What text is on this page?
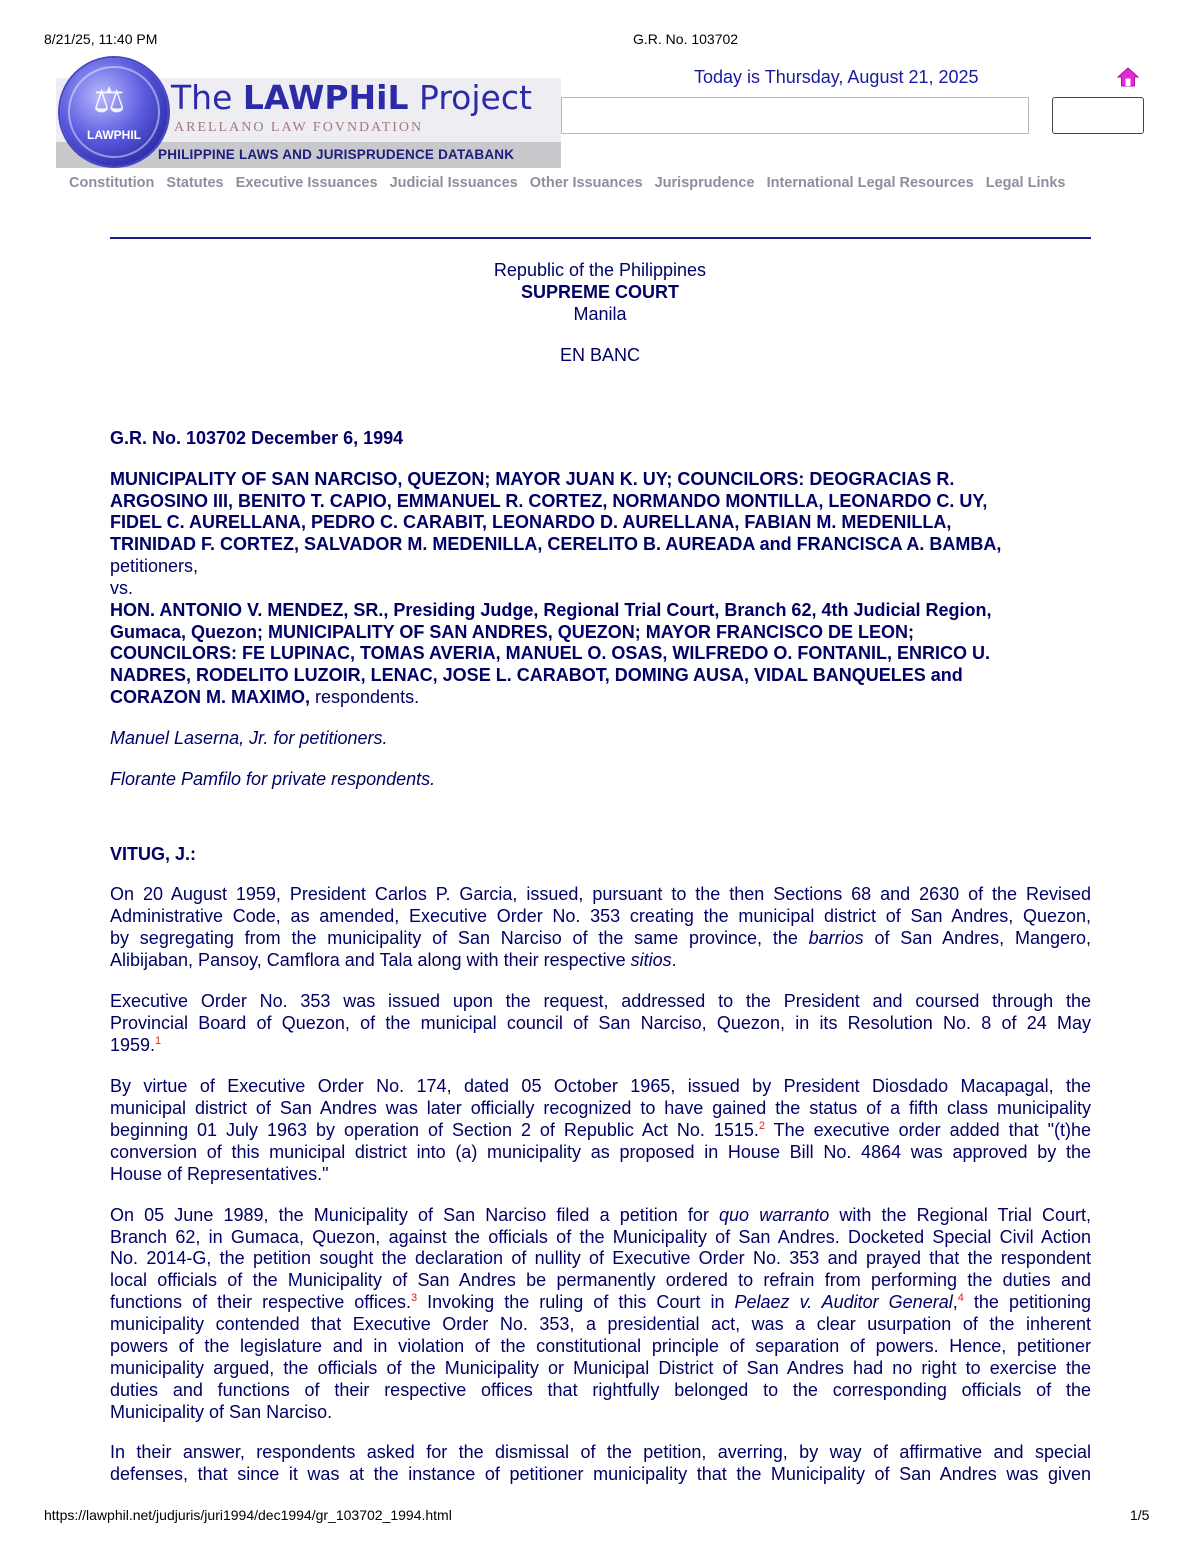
8/21/25, 11:40 PM	G.R. No. 103702
PHILIPPINE LAWS AND JURISPRUDENCE DATABANK
⚖
LAWPHIL
The LAWPHiL Project
ARELLANO LAW FOVNDATION
Today is Thursday, August 21, 2025
Constitution Statutes Executive Issuances Judicial Issuances Other Issuances Jurisprudence International Legal Resources Legal Links
Republic of the Philippines
SUPREME COURT
Manila
EN BANC
G.R. No. 103702 December 6, 1994
MUNICIPALITY OF SAN NARCISO, QUEZON; MAYOR JUAN K. UY; COUNCILORS: DEOGRACIAS R.
ARGOSINO III, BENITO T. CAPIO, EMMANUEL R. CORTEZ, NORMANDO MONTILLA, LEONARDO C. UY,
FIDEL C. AURELLANA, PEDRO C. CARABIT, LEONARDO D. AURELLANA, FABIAN M. MEDENILLA,
TRINIDAD F. CORTEZ, SALVADOR M. MEDENILLA, CERELITO B. AUREADA and FRANCISCA A. BAMBA,
petitioners,
vs.
HON. ANTONIO V. MENDEZ, SR., Presiding Judge, Regional Trial Court, Branch 62, 4th Judicial Region,
Gumaca, Quezon; MUNICIPALITY OF SAN ANDRES, QUEZON; MAYOR FRANCISCO DE LEON;
COUNCILORS: FE LUPINAC, TOMAS AVERIA, MANUEL O. OSAS, WILFREDO O. FONTANIL, ENRICO U.
NADRES, RODELITO LUZOIR, LENAC, JOSE L. CARABOT, DOMING AUSA, VIDAL BANQUELES and
CORAZON M. MAXIMO, respondents.
Manuel Laserna, Jr. for petitioners.
Florante Pamfilo for private respondents.
VITUG, J.:
On 20 August 1959, President Carlos P. Garcia, issued, pursuant to the then Sections 68 and 2630 of the Revised
Administrative Code, as amended, Executive Order No. 353 creating the municipal district of San Andres, Quezon,
by segregating from the municipality of San Narciso of the same province, the barrios of San Andres, Mangero,
Alibijaban, Pansoy, Camflora and Tala along with their respective sitios.
Executive Order No. 353 was issued upon the request, addressed to the President and coursed through the
Provincial Board of Quezon, of the municipal council of San Narciso, Quezon, in its Resolution No. 8 of 24 May
1959.$^1$
By virtue of Executive Order No. 174, dated 05 October 1965, issued by President Diosdado Macapagal, the
municipal district of San Andres was later officially recognized to have gained the status of a fifth class municipality
beginning 01 July 1963 by operation of Section 2 of Republic Act No. 1515.$^2$ The executive order added that "(t)he
conversion of this municipal district into (a) municipality as proposed in House Bill No. 4864 was approved by the
House of Representatives."
On 05 June 1989, the Municipality of San Narciso filed a petition for quo warranto with the Regional Trial Court,
Branch 62, in Gumaca, Quezon, against the officials of the Municipality of San Andres. Docketed Special Civil Action
No. 2014-G, the petition sought the declaration of nullity of Executive Order No. 353 and prayed that the respondent
local officials of the Municipality of San Andres be permanently ordered to refrain from performing the duties and
functions of their respective offices.$^3$ Invoking the ruling of this Court in Pelaez v. Auditor General,$^4$ the petitioning
municipality contended that Executive Order No. 353, a presidential act, was a clear usurpation of the inherent
powers of the legislature and in violation of the constitutional principle of separation of powers. Hence, petitioner
municipality argued, the officials of the Municipality or Municipal District of San Andres had no right to exercise the
duties and functions of their respective offices that rightfully belonged to the corresponding officials of the
Municipality of San Narciso.
In their answer, respondents asked for the dismissal of the petition, averring, by way of affirmative and special
defenses, that since it was at the instance of petitioner municipality that the Municipality of San Andres was given
https://lawphil.net/judjuris/juri1994/dec1994/gr_103702_1994.html	1/5
